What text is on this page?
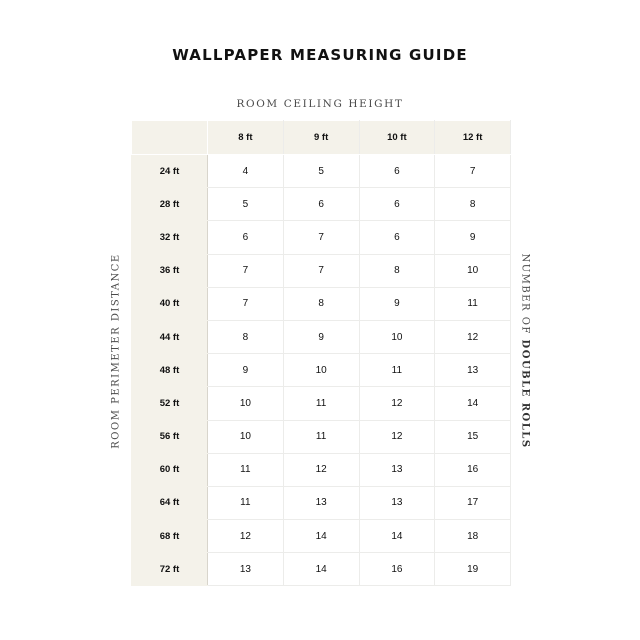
WALLPAPER MEASURING GUIDE
ROOM CEILING HEIGHT
ROOM PERIMETER DISTANCE	NUMBER OF DOUBLE ROLLS
	8 ft	9 ft	10 ft	12 ft
24 ft	4	5	6	7
28 ft	5	6	6	8
32 ft	6	7	6	9
36 ft	7	7	8	10
40 ft	7	8	9	11
44 ft	8	9	10	12
48 ft	9	10	11	13
52 ft	10	11	12	14
56 ft	10	11	12	15
60 ft	11	12	13	16
64 ft	11	13	13	17
68 ft	12	14	14	18
72 ft	13	14	16	19
